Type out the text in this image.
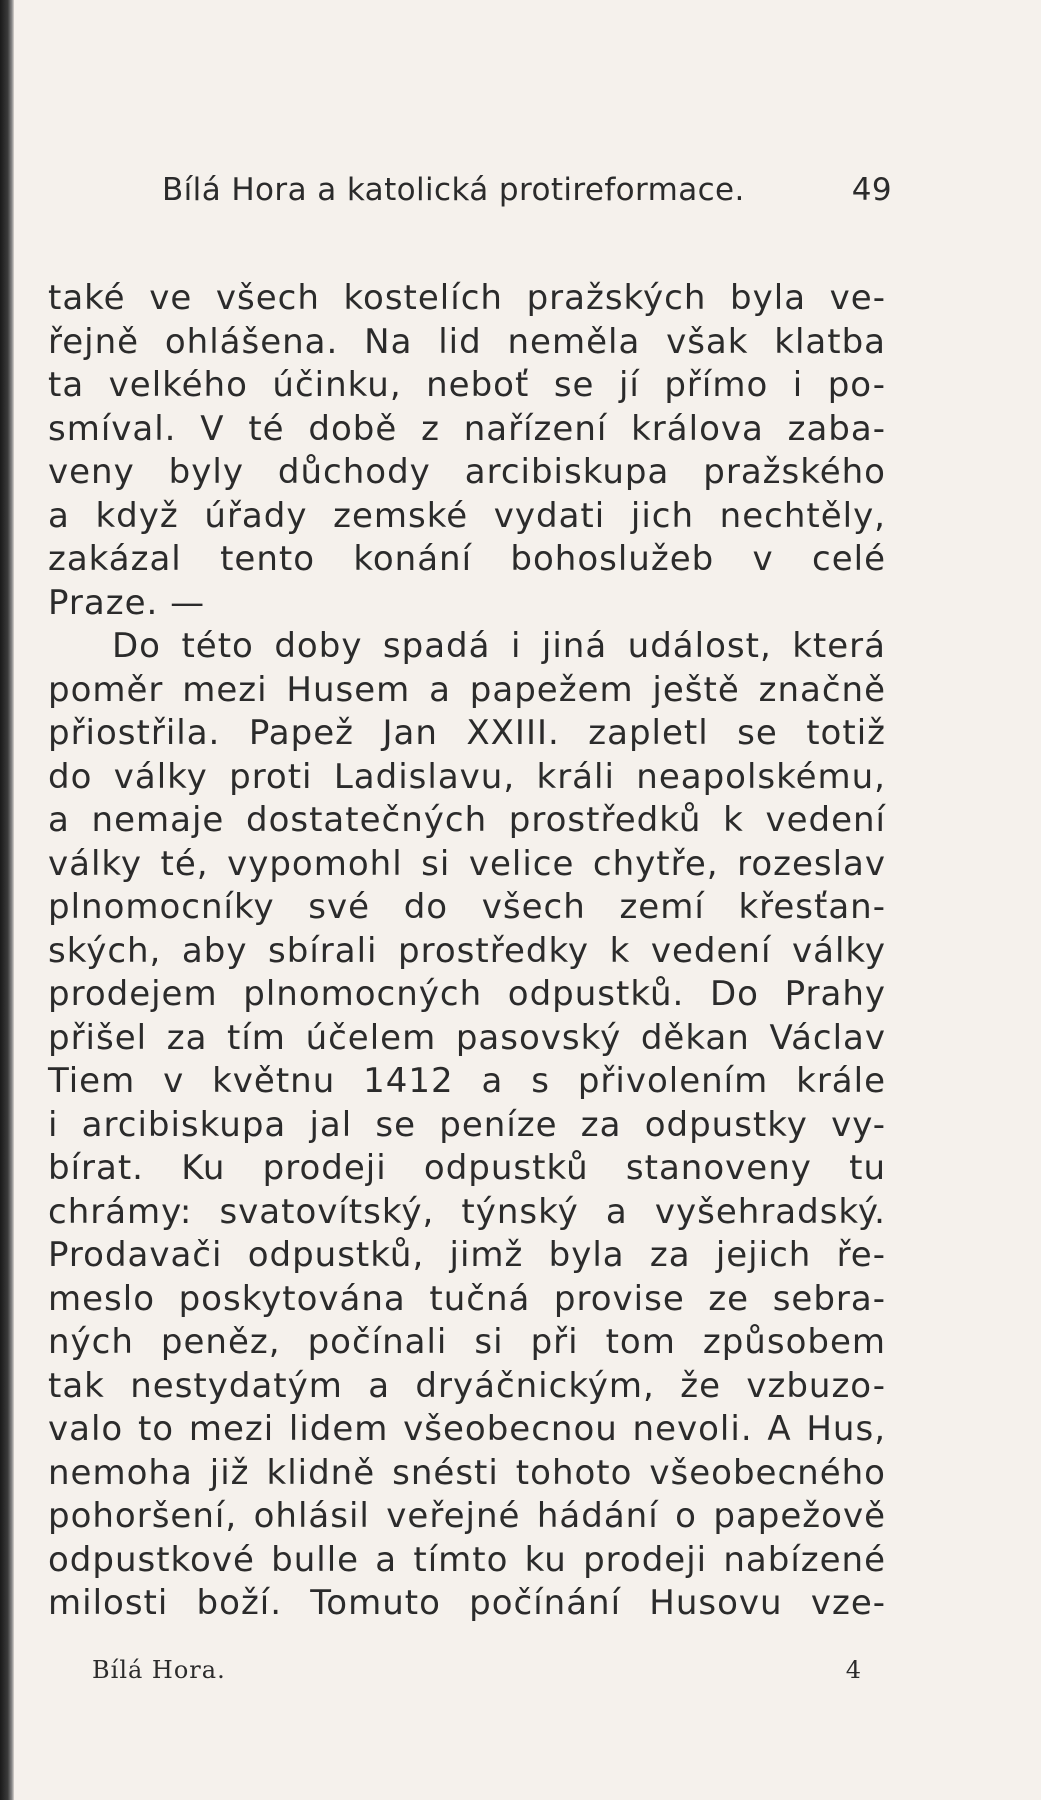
Bílá Hora a katolická protireformace.	49
také ve všech kostelích pražských byla ve-
řejně ohlášena. Na lid neměla však klatba
ta velkého účinku, neboť se jí přímo i po-
smíval. V té době z nařízení králova zaba-
veny byly důchody arcibiskupa pražského
a když úřady zemské vydati jich nechtěly,
zakázal tento konání bohoslužeb v celé
Praze. —
Do této doby spadá i jiná událost, která
poměr mezi Husem a papežem ještě značně
přiostřila. Papež Jan XXIII. zapletl se totiž
do války proti Ladislavu, králi neapolskému,
a nemaje dostatečných prostředků k vedení
války té, vypomohl si velice chytře, rozeslav
plnomocníky své do všech zemí křesťan-
ských, aby sbírali prostředky k vedení války
prodejem plnomocných odpustků. Do Prahy
přišel za tím účelem pasovský děkan Václav
Tiem v květnu 1412 a s přivolením krále
i arcibiskupa jal se peníze za odpustky vy-
bírat. Ku prodeji odpustků stanoveny tu
chrámy: svatovítský, týnský a vyšehradský.
Prodavači odpustků, jimž byla za jejich ře-
meslo poskytována tučná provise ze sebra-
ných peněz, počínali si při tom způsobem
tak nestydatým a dryáčnickým, že vzbuzo-
valo to mezi lidem všeobecnou nevoli. A Hus,
nemoha již klidně snésti tohoto všeobecného
pohoršení, ohlásil veřejné hádání o papežově
odpustkové bulle a tímto ku prodeji nabízené
milosti boží. Tomuto počínání Husovu vze-
Bílá Hora.	4
